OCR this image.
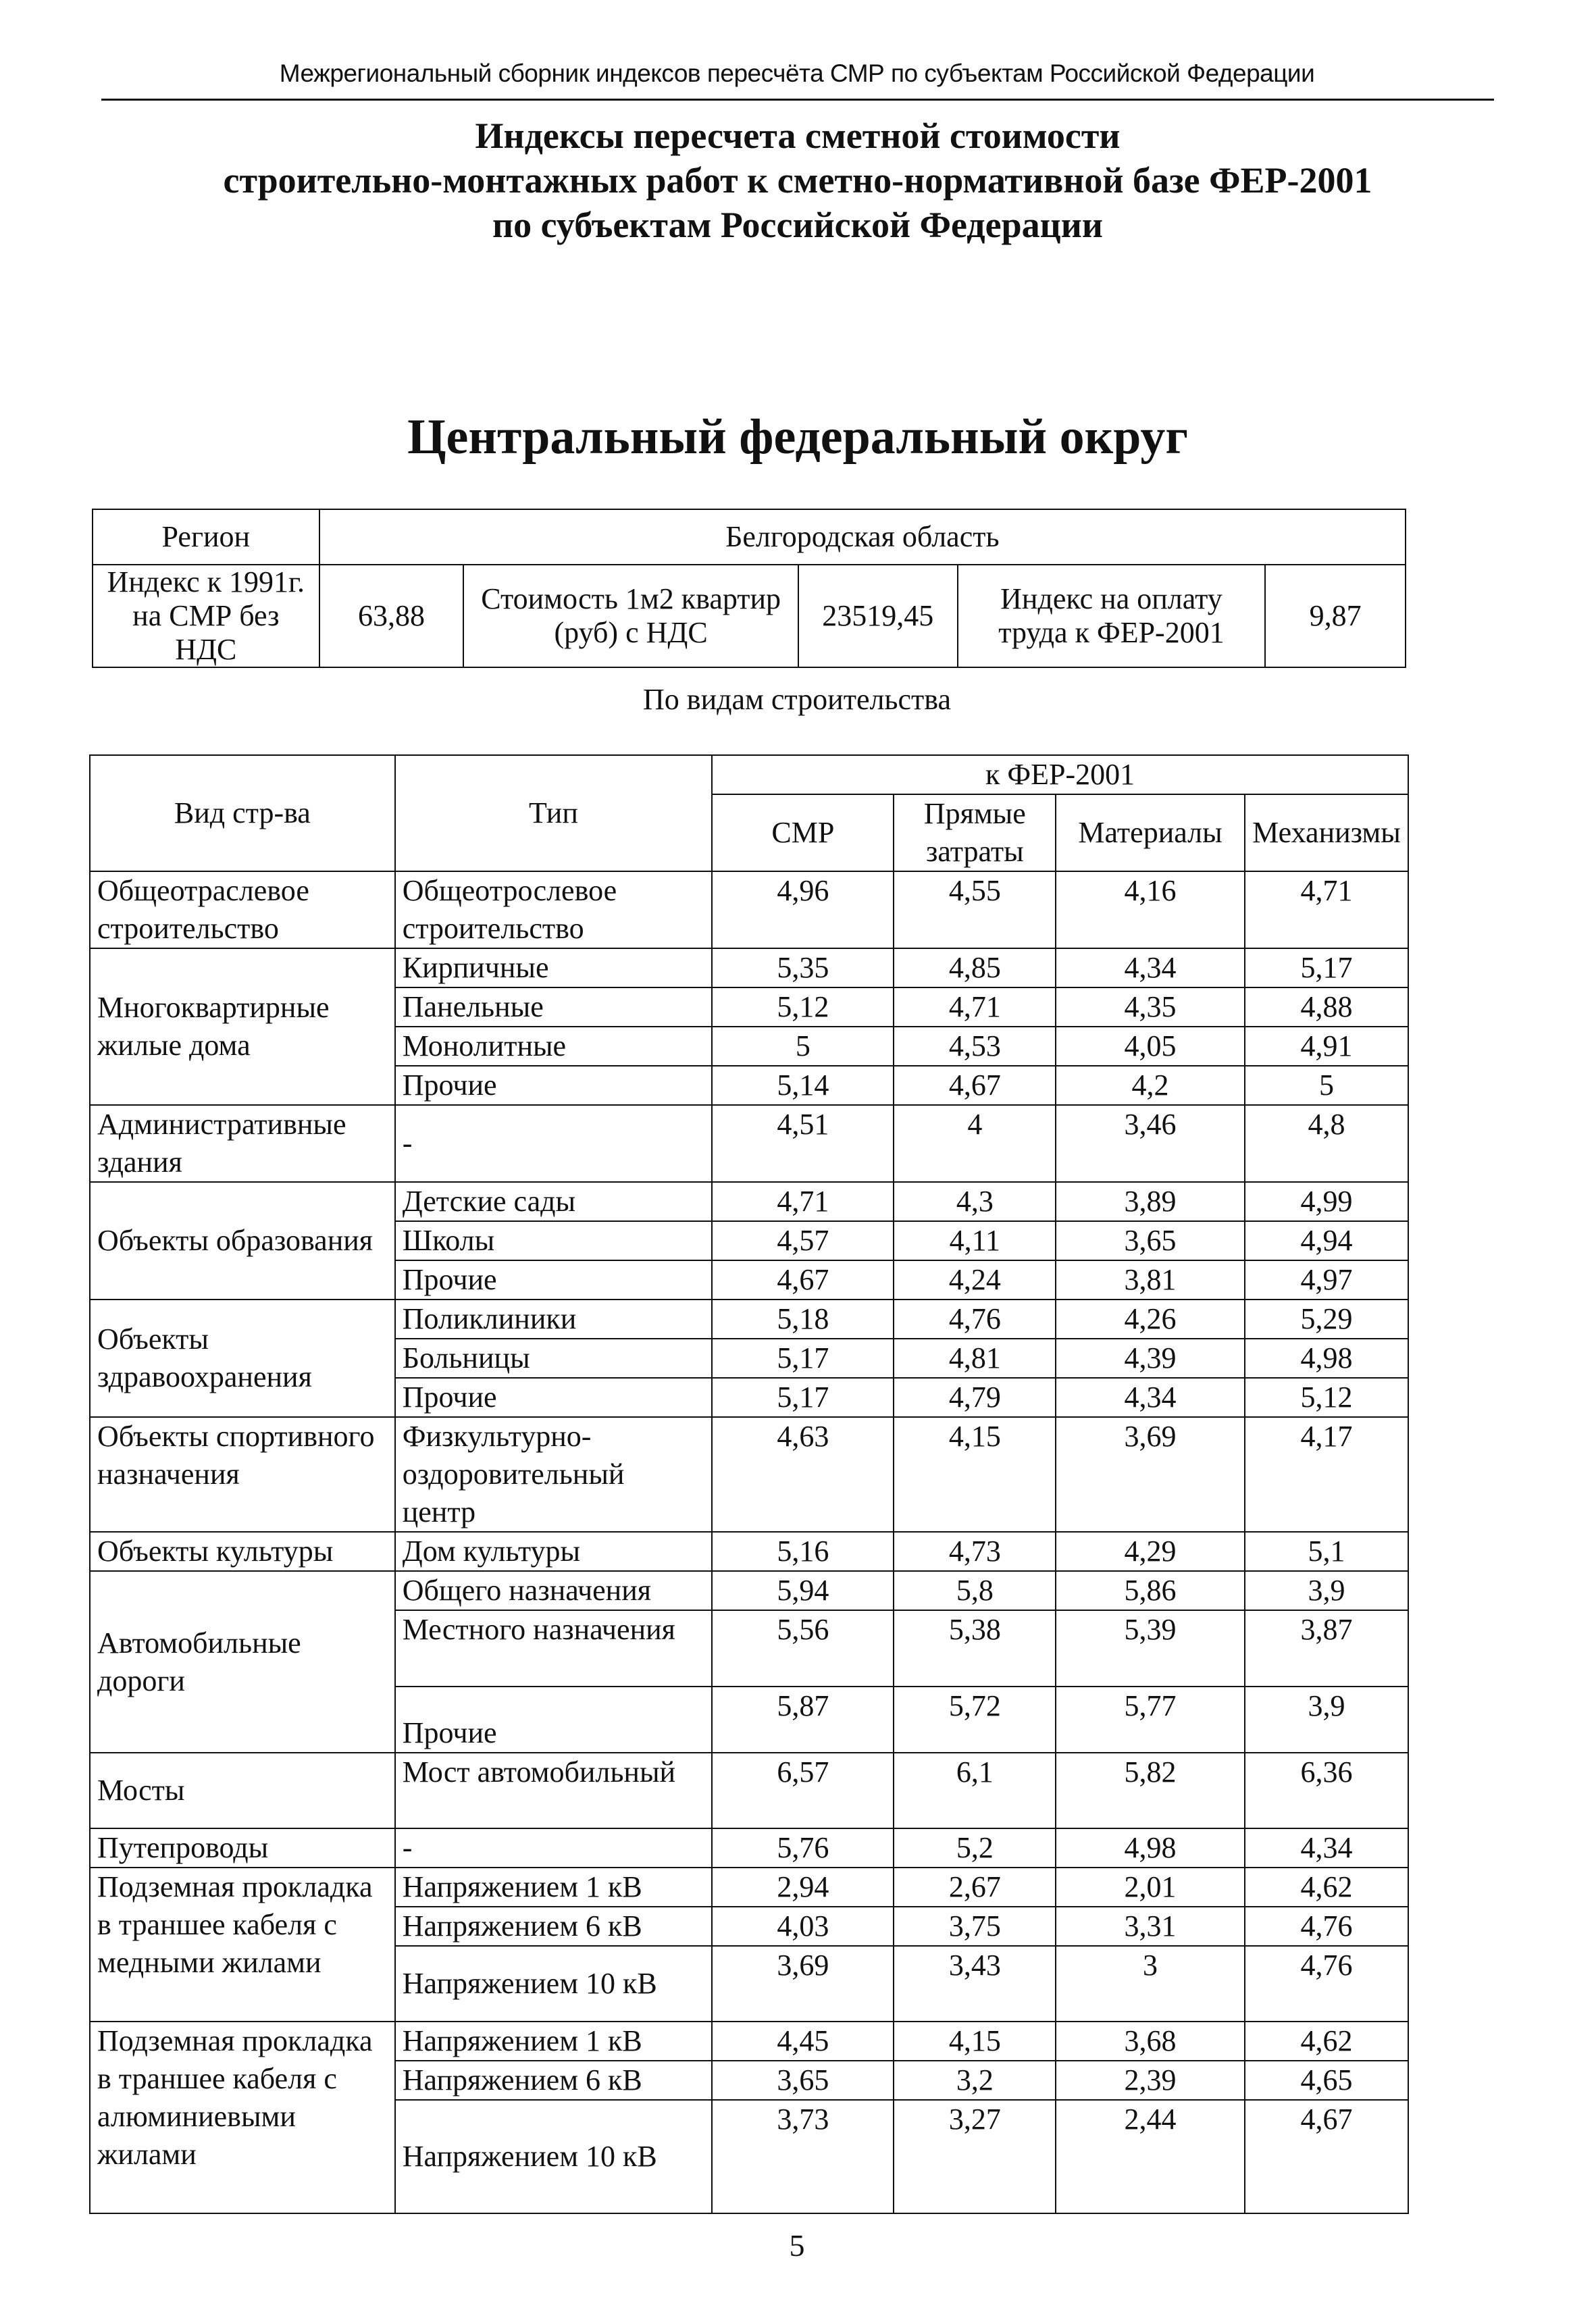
Межрегиональный сборник индексов пересчёта СМР по субъектам Российской Федерации
Индексы пересчета сметной стоимости
строительно-монтажных работ к сметно-нормативной базе ФЕР-2001
по субъектам Российской Федерации
Центральный федеральный округ
Регион	Белгородская область				
Индекс к 1991г. на СМР без НДС	63,88	Стоимость 1м2 квартир (руб) с НДС	23519,45	Индекс на оплату труда к ФЕР-2001	9,87
По видам строительства
Вид стр-ва	Тип	к ФЕР-2001			
		СМР	Прямые затраты	Материалы	Механизмы
Общеотраслевое строительство	Общеотрослевое строительство	4,96	4,55	4,16	4,71
Многоквартирные жилые дома	Кирпичные	5,35	4,85	4,34	5,17
	Панельные	5,12	4,71	4,35	4,88
	Монолитные	5	4,53	4,05	4,91
	Прочие	5,14	4,67	4,2	5
Административные здания	-	4,51	4	3,46	4,8
Объекты образования	Детские сады	4,71	4,3	3,89	4,99
	Школы	4,57	4,11	3,65	4,94
	Прочие	4,67	4,24	3,81	4,97
Объекты здравоохранения	Поликлиники	5,18	4,76	4,26	5,29
	Больницы	5,17	4,81	4,39	4,98
	Прочие	5,17	4,79	4,34	5,12
Объекты спортивного назначения	Физкультурно-оздоровительный центр	4,63	4,15	3,69	4,17
Объекты культуры	Дом культуры	5,16	4,73	4,29	5,1
Автомобильные дороги	Общего назначения	5,94	5,8	5,86	3,9
	Местного назначения	5,56	5,38	5,39	3,87
	Прочие	5,87	5,72	5,77	3,9
Мосты	Мост автомобильный	6,57	6,1	5,82	6,36
Путепроводы	-	5,76	5,2	4,98	4,34
Подземная прокладка в траншее кабеля с медными жилами	Напряжением 1 кВ	2,94	2,67	2,01	4,62
	Напряжением 6 кВ	4,03	3,75	3,31	4,76
	Напряжением 10 кВ	3,69	3,43	3	4,76
Подземная прокладка в траншее кабеля с алюминиевыми жилами	Напряжением 1 кВ	4,45	4,15	3,68	4,62
	Напряжением 6 кВ	3,65	3,2	2,39	4,65
	Напряжением 10 кВ	3,73	3,27	2,44	4,67
5
